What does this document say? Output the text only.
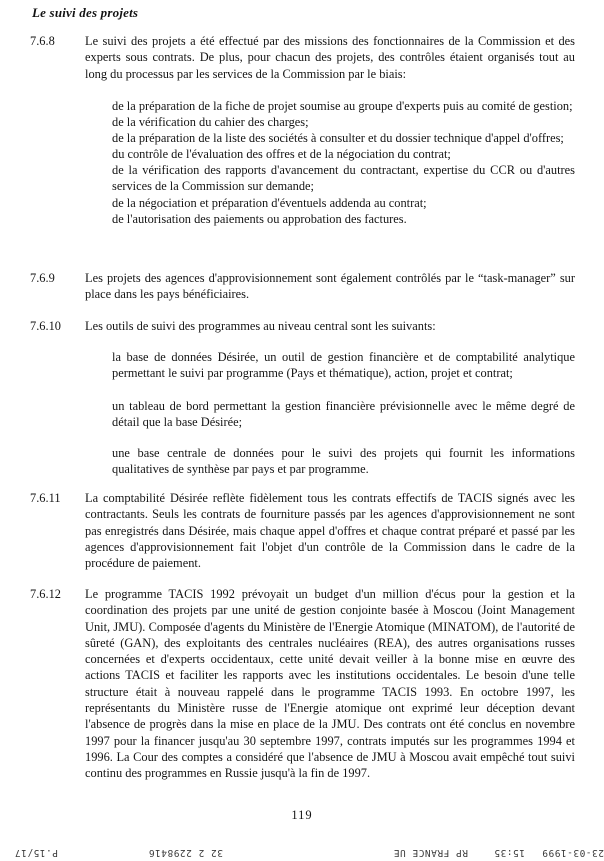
Le suivi des projets
7.6.8	Le suivi des projets a été effectué par des missions des fonctionnaires de la Commission et des experts sous contrats. De plus, pour chacun des projets, des contrôles étaient organisés tout au long du processus par les services de la Commission par le biais:
de la préparation de la fiche de projet soumise au groupe d'experts puis au comité de gestion;
de la vérification du cahier des charges;
de la préparation de la liste des sociétés à consulter et du dossier technique d'appel d'offres;
du contrôle de l'évaluation des offres et de la négociation du contrat;
de la vérification des rapports d'avancement du contractant, expertise du CCR ou d'autres services de la Commission sur demande;
de la négociation et préparation d'éventuels addenda au contrat;
de l'autorisation des paiements ou approbation des factures.
7.6.9	Les projets des agences d'approvisionnement sont également contrôlés par le “task-manager” sur place dans les pays bénéficiaires.
7.6.10	Les outils de suivi des programmes au niveau central sont les suivants:
la base de données Désirée, un outil de gestion financière et de comptabilité analytique permettant le suivi par programme (Pays et thématique), action, projet et contrat;
un tableau de bord permettant la gestion financière prévisionnelle avec le même degré de détail que la base Désirée;
une base centrale de données pour le suivi des projets qui fournit les informations qualitatives de synthèse par pays et par programme.
7.6.11	La comptabilité Désirée reflète fidèlement tous les contrats effectifs de TACIS signés avec les contractants. Seuls les contrats de fourniture passés par les agences d'approvisionnement ne sont pas enregistrés dans Désirée, mais chaque appel d'offres et chaque contrat préparé et passé par les agences d'approvisionnement fait l'objet d'un contrôle de la Commission dans le cadre de la procédure de paiement.
7.6.12	Le programme TACIS 1992 prévoyait un budget d'un million d'écus pour la gestion et la coordination des projets par une unité de gestion conjointe basée à Moscou (Joint Management Unit, JMU). Composée d'agents du Ministère de l'Energie Atomique (MINATOM), de l'autorité de sûreté (GAN), des exploitants des centrales nucléaires (REA), des autres organisations russes concernées et d'experts occidentaux, cette unité devait veiller à la bonne mise en œuvre des actions TACIS et faciliter les rapports avec les institutions occidentales. Le besoin d'une telle structure était à nouveau rappelé dans le programme TACIS 1993. En octobre 1997, les représentants du Ministère russe de l'Energie atomique ont exprimé leur déception devant l'absence de progrès dans la mise en place de la JMU. Des contrats ont été conclus en novembre 1997 pour la financer jusqu'au 30 septembre 1997, contrats imputés sur les programmes 1994 et 1996. La Cour des comptes a considéré que l'absence de JMU à Moscou avait empêché tout suivi continu des programmes en Russie jusqu'à la fin de 1997.
119
23-03-1999
15:35
RP FRANCE UE
32 2 2298416
P.15/17
